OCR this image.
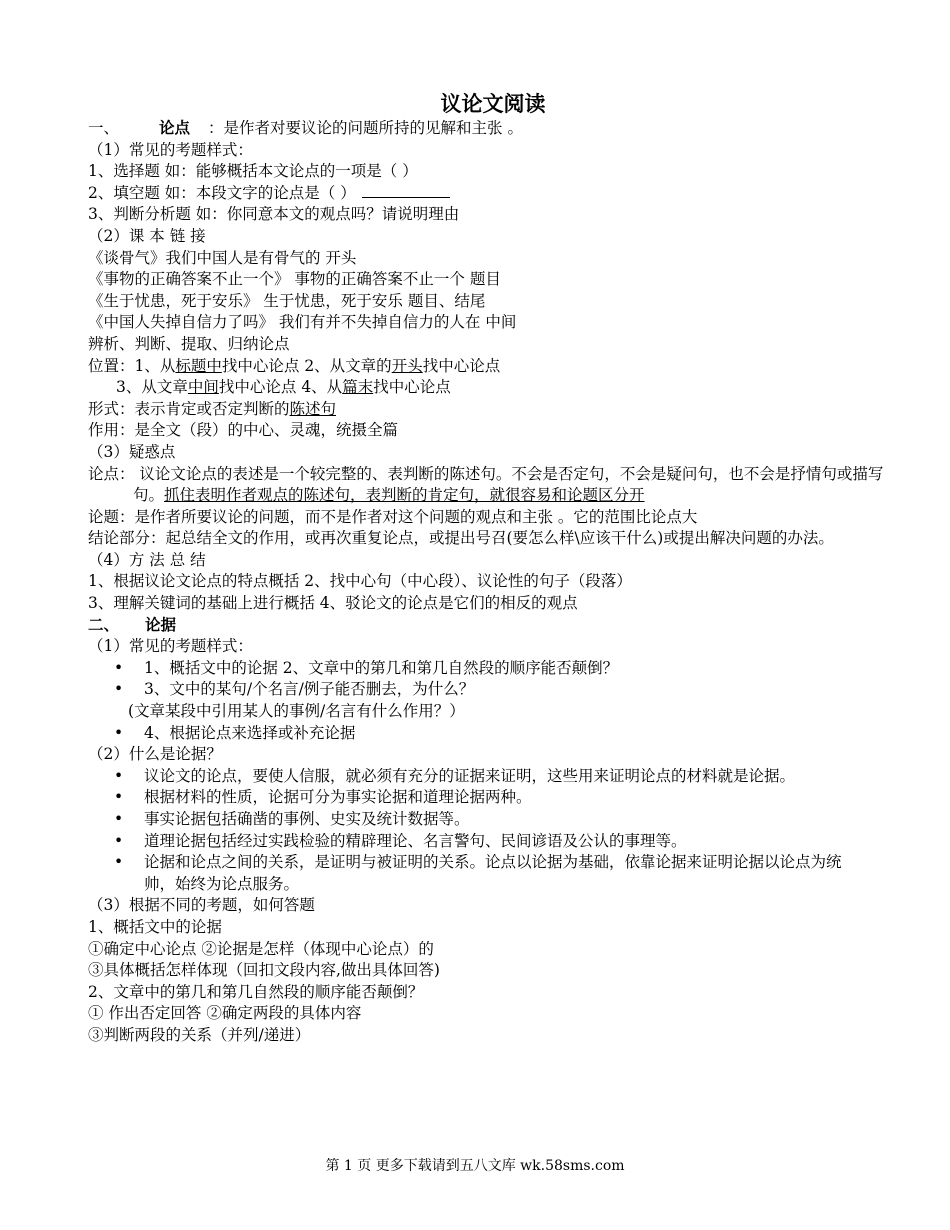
议论文阅读
一、	论点 ：是作者对要议论的问题所持的见解和主张 。
（1）常见的考题样式：
1、选择题 如：能够概括本文论点的一项是（ ）
2、填空题 如：本段文字的论点是（ ）
3、判断分析题 如：你同意本文的观点吗？请说明理由
（2）课 本 链 接
《谈骨气》我们中国人是有骨气的 开头
《事物的正确答案不止一个》 事物的正确答案不止一个 题目
《生于忧患，死于安乐》 生于忧患，死于安乐 题目、结尾
《中国人失掉自信力了吗》 我们有并不失掉自信力的人在 中间
辨析、判断、提取、归纳论点
位置：1、从标题中找中心论点 2、从文章的开头找中心论点
3、从文章中间找中心论点 4、从篇末找中心论点
形式：表示肯定或否定判断的陈述句
作用：是全文（段）的中心、灵魂，统摄全篇
（3）疑惑点
论点： 议论文论点的表述是一个较完整的、表判断的陈述句。不会是否定句，不会是疑问句，也不会是抒情句或描写句。抓住表明作者观点的陈述句，表判断的肯定句，就很容易和论题区分开
论题：是作者所要议论的问题，而不是作者对这个问题的观点和主张 。它的范围比论点大
结论部分：起总结全文的作用，或再次重复论点，或提出号召(要怎么样\应该干什么)或提出解决问题的办法。
（4）方 法 总 结
1、根据议论文论点的特点概括 2、找中心句（中心段）、议论性的句子（段落）
3、理解关键词的基础上进行概括 4、驳论文的论点是它们的相反的观点
二、 论据
（1）常见的考题样式：
• 1、概括文中的论据 2、文章中的第几和第几自然段的顺序能否颠倒？
• 3、文中的某句/个名言/例子能否删去，为什么？
(文章某段中引用某人的事例/名言有什么作用？）
• 4、根据论点来选择或补充论据
（2）什么是论据？
• 议论文的论点，要使人信服，就必须有充分的证据来证明，这些用来证明论点的材料就是论据。
• 根据材料的性质，论据可分为事实论据和道理论据两种。
• 事实论据包括确凿的事例、史实及统计数据等。
• 道理论据包括经过实践检验的精辟理论、名言警句、民间谚语及公认的事理等。
• 论据和论点之间的关系，是证明与被证明的关系。论点以论据为基础，依靠论据来证明论据以论点为统帅，始终为论点服务。
（3）根据不同的考题，如何答题
1、概括文中的论据
①确定中心论点 ②论据是怎样（体现中心论点）的
③具体概括怎样体现（回扣文段内容,做出具体回答)
2、文章中的第几和第几自然段的顺序能否颠倒？
① 作出否定回答 ②确定两段的具体内容
③判断两段的关系（并列/递进）
第 1 页 更多下载请到五八文库 wk.58sms.com
